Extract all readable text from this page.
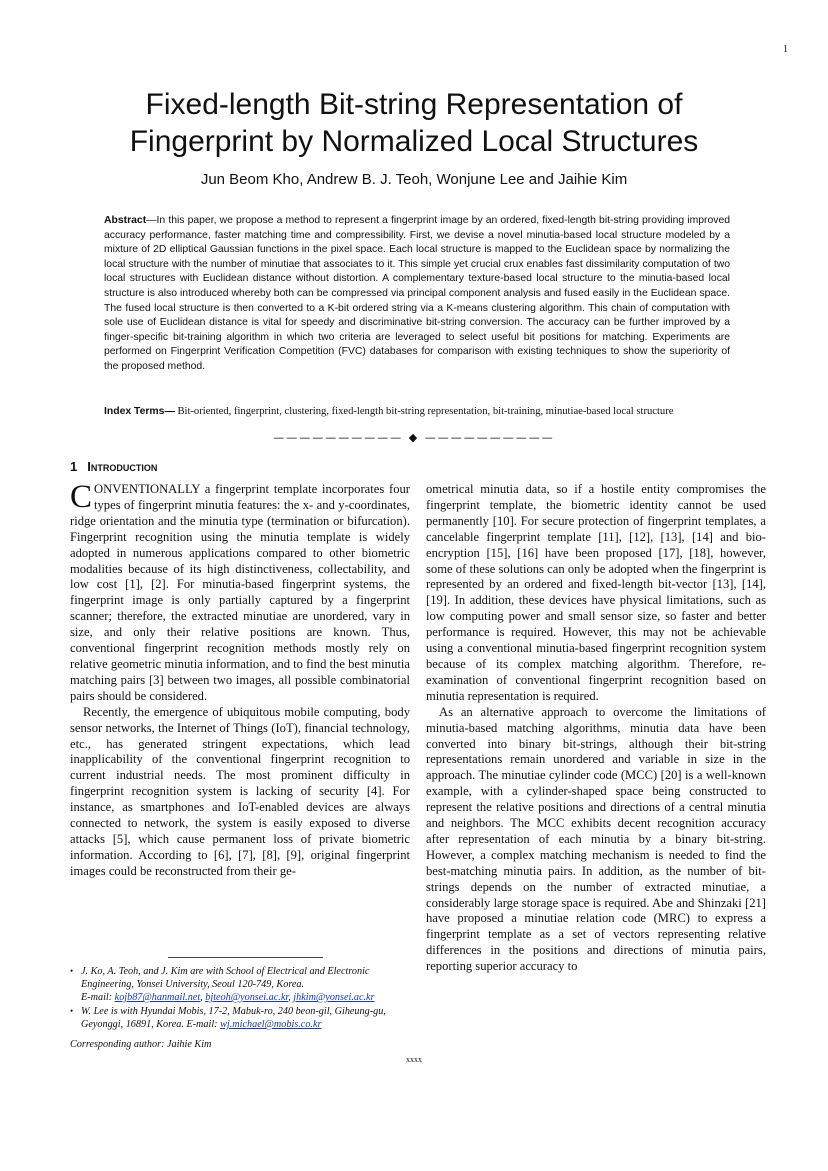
1
Fixed-length Bit-string Representation of
Fingerprint by Normalized Local Structures
Jun Beom Kho, Andrew B. J. Teoh, Wonjune Lee and Jaihie Kim

Abstract—In this paper, we propose a method to represent a fingerprint image by an ordered, fixed-length bit-string providing improved accuracy performance, faster matching time and compressibility. First, we devise a novel minutia-based local structure modeled by a mixture of 2D elliptical Gaussian functions in the pixel space. Each local structure is mapped to the Euclidean space by normalizing the local structure with the number of minutiae that associates to it. This simple yet crucial crux enables fast dissimilarity computation of two local structures with Euclidean distance without distortion. A complementary texture-based local structure to the minutia-based local structure is also introduced whereby both can be compressed via principal component analysis and fused easily in the Euclidean space. The fused local structure is then converted to a K-bit ordered string via a K-means clustering algorithm. This chain of computation with sole use of Euclidean distance is vital for speedy and discriminative bit-string conversion. The accuracy can be further improved by a finger-specific bit-training algorithm in which two criteria are leveraged to select useful bit positions for matching. Experiments are performed on Fingerprint Verification Competition (FVC) databases for comparison with existing techniques to show the superiority of the proposed method.

Index Terms— Bit-oriented, fingerprint, clustering, fixed-length bit-string representation, bit-training, minutiae-based local structure
—————————— ◆ ——————————
1 Introduction

CONVENTIONALLY a fingerprint template incorporates four types of fingerprint minutia features: the x- and y-coordinates, ridge orientation and the minutia type (termination or bifurcation). Fingerprint recognition using the minutia template is widely adopted in numerous applications compared to other biometric modalities because of its high distinctiveness, collectability, and low cost [1], [2]. For minutia-based fingerprint systems, the fingerprint image is only partially captured by a fingerprint scanner; therefore, the extracted minutiae are unordered, vary in size, and only their relative positions are known. Thus, conventional fingerprint recognition methods mostly rely on relative geometric minutia information, and to find the best minutia matching pairs [3] between two images, all possible combinatorial pairs should be considered.

Recently, the emergence of ubiquitous mobile computing, body sensor networks, the Internet of Things (IoT), financial technology, etc., has generated stringent expectations, which lead inapplicability of the conventional fingerprint recognition to current industrial needs. The most prominent difficulty in fingerprint recognition system is lacking of security [4]. For instance, as smartphones and IoT-enabled devices are always connected to network, the system is easily exposed to diverse attacks [5], which cause permanent loss of private biometric information. According to [6], [7], [8], [9], original fingerprint images could be reconstructed from their ge-

ometrical minutia data, so if a hostile entity compromises the fingerprint template, the biometric identity cannot be used permanently [10]. For secure protection of fingerprint templates, a cancelable fingerprint template [11], [12], [13], [14] and bio-encryption [15], [16] have been proposed [17], [18], however, some of these solutions can only be adopted when the fingerprint is represented by an ordered and fixed-length bit-vector [13], [14], [19]. In addition, these devices have physical limitations, such as low computing power and small sensor size, so faster and better performance is required. However, this may not be achievable using a conventional minutia-based fingerprint recognition system because of its complex matching algorithm. Therefore, re-examination of conventional fingerprint recognition based on minutia representation is required.

As an alternative approach to overcome the limitations of minutia-based matching algorithms, minutia data have been converted into binary bit-strings, although their bit-string representations remain unordered and variable in size in the approach. The minutiae cylinder code (MCC) [20] is a well-known example, with a cylinder-shaped space being constructed to represent the relative positions and directions of a central minutia and neighbors. The MCC exhibits decent recognition accuracy after representation of each minutia by a binary bit-string. However, a complex matching mechanism is needed to find the best-matching minutia pairs. In addition, as the number of bit-strings depends on the number of extracted minutiae, a considerably large storage space is required. Abe and Shinzaki [21] have proposed a minutiae relation code (MRC) to express a fingerprint template as a set of vectors representing relative differences in the positions and directions of minutia pairs, reporting superior accuracy to

• J. Ko, A. Teoh, and J. Kim are with School of Electrical and Electronic Engineering, Yonsei University, Seoul 120-749, Korea.
E-mail: kojb87@hanmail.net, bjteoh@yonsei.ac.kr, jhkim@yonsei.ac.kr
• W. Lee is with Hyundai Mobis, 17-2, Mabuk-ro, 240 beon-gil, Giheung-gu, Geyonggi, 16891, Korea. E-mail: wj.michael@mobis.co.kr
Corresponding author: Jaihie Kim
xxxx
